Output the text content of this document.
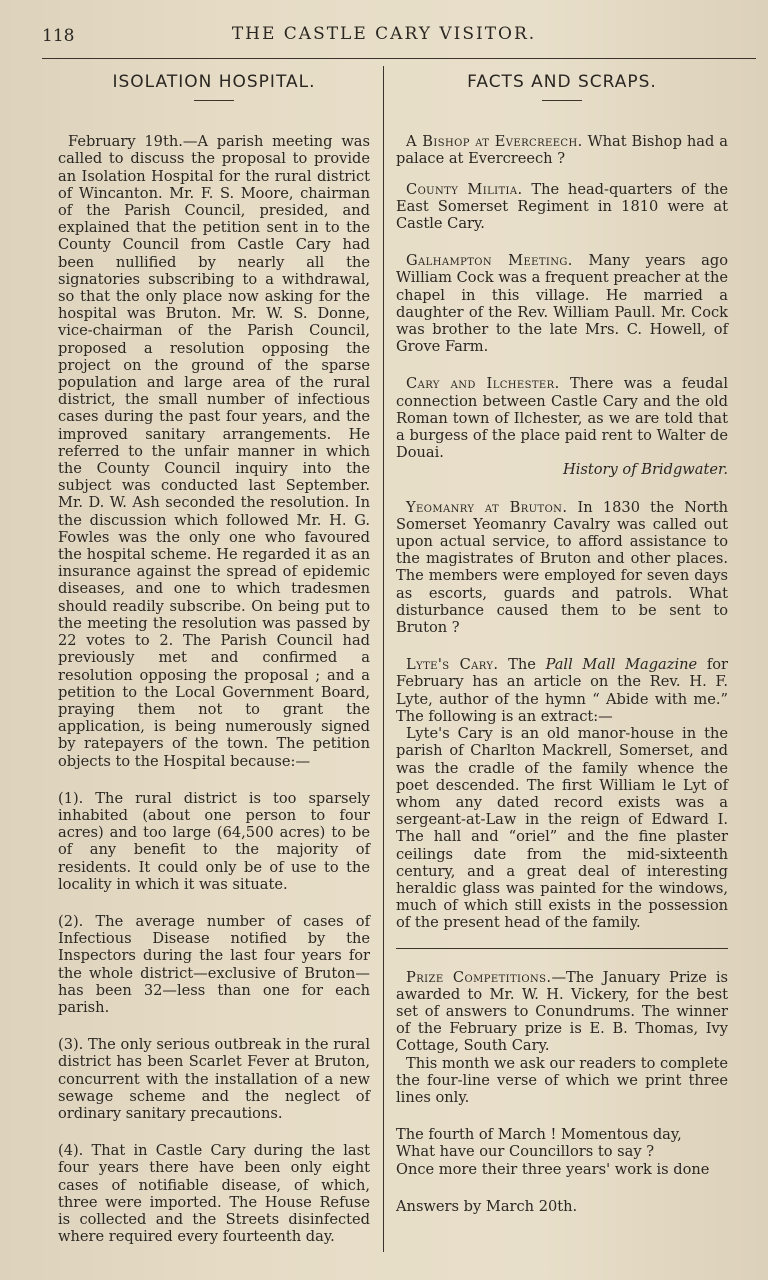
118	THE CASTLE CARY VISITOR.
ISOLATION HOSPITAL.

February 19th.—A parish meeting was called to discuss the proposal to provide an Isolation Hospital for the rural district of Wincanton. Mr. F. S. Moore, chairman of the Parish Council, presided, and explained that the petition sent in to the County Council from Castle Cary had been nullified by nearly all the signatories subscribing to a withdrawal, so that the only place now asking for the hospital was Bruton. Mr. W. S. Donne, vice-chairman of the Parish Council, proposed a resolution opposing the project on the ground of the sparse population and large area of the rural district, the small number of infectious cases during the past four years, and the improved sanitary arrangements. He referred to the unfair manner in which the County Council inquiry into the subject was conducted last September. Mr. D. W. Ash seconded the resolution. In the discussion which followed Mr. H. G. Fowles was the only one who favoured the hospital scheme. He regarded it as an insurance against the spread of epidemic diseases, and one to which tradesmen should readily subscribe. On being put to the meeting the resolution was passed by 22 votes to 2. The Parish Council had previously met and confirmed a resolution opposing the proposal ; and a petition to the Local Government Board, praying them not to grant the application, is being numerously signed by ratepayers of the town. The petition objects to the Hospital because:—

(1). The rural district is too sparsely inhabited (about one person to four acres) and too large (64,500 acres) to be of any benefit to the majority of residents. It could only be of use to the locality in which it was situate.

(2). The average number of cases of Infectious Disease notified by the Inspectors during the last four years for the whole district—exclusive of Bruton—has been 32—less than one for each parish.

(3). The only serious outbreak in the rural district has been Scarlet Fever at Bruton, concurrent with the installation of a new sewage scheme and the neglect of ordinary sanitary precautions.

(4). That in Castle Cary during the last four years there have been only eight cases of notifiable disease, of which, three were imported. The House Refuse is collected and the Streets disinfected where required every fourteenth day.

FACTS AND SCRAPS.

A Bishop at Evercreech. What Bishop had a palace at Evercreech ?

County Militia. The head-quarters of the East Somerset Regiment in 1810 were at Castle Cary.

Galhampton Meeting. Many years ago William Cock was a frequent preacher at the chapel in this village. He married a daughter of the Rev. William Paull. Mr. Cock was brother to the late Mrs. C. Howell, of Grove Farm.

Cary and Ilchester. There was a feudal connection between Castle Cary and the old Roman town of Ilchester, as we are told that a burgess of the place paid rent to Walter de Douai.

History of Bridgwater.

Yeomanry at Bruton. In 1830 the North Somerset Yeomanry Cavalry was called out upon actual service, to afford assistance to the magistrates of Bruton and other places. The members were employed for seven days as escorts, guards and patrols. What disturbance caused them to be sent to Bruton ?

Lyte's Cary. The Pall Mall Magazine for February has an article on the Rev. H. F. Lyte, author of the hymn “ Abide with me.” The following is an extract:—

Lyte's Cary is an old manor-house in the parish of Charlton Mackrell, Somerset, and was the cradle of the family whence the poet descended. The first William le Lyt of whom any dated record exists was a sergeant-at-Law in the reign of Edward I. The hall and “oriel” and the fine plaster ceilings date from the mid-sixteenth century, and a great deal of interesting heraldic glass was painted for the windows, much of which still exists in the possession of the present head of the family.

Prize Competitions.—The January Prize is awarded to Mr. W. H. Vickery, for the best set of answers to Conundrums. The winner of the February prize is E. B. Thomas, Ivy Cottage, South Cary.

This month we ask our readers to complete the four-line verse of which we print three lines only.

The fourth of March ! Momentous day,

What have our Councillors to say ?

Once more their three years' work is done

Answers by March 20th.
